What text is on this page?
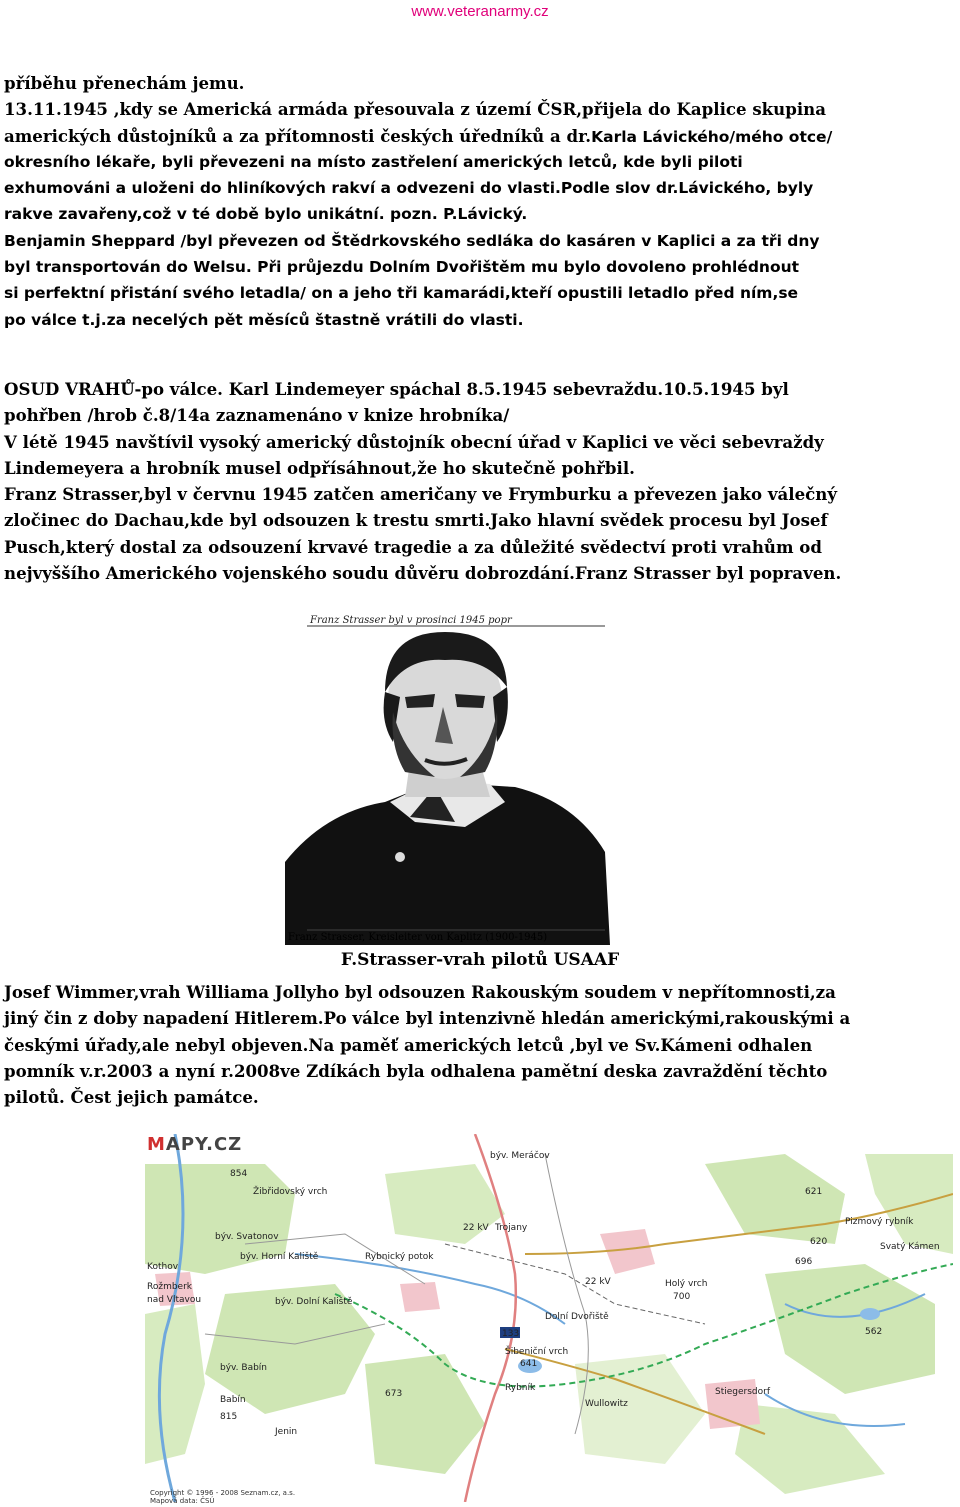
www.veteranarmy.cz
příběhu přenechám jemu.
13.11.1945 ,kdy se Americká armáda přesouvala z území ČSR,přijela do Kaplice skupina
amerických důstojníků a za přítomnosti českých úředníků a dr.Karla Lávického/mého otce/
okresního lékaře, byli převezeni na místo zastřelení amerických letců, kde byli piloti
exhumováni a uloženi do hliníkových rakví a odvezeni do vlasti.Podle slov dr.Lávického, byly
rakve zavařeny,což v té době bylo unikátní. pozn. P.Lávický.
Benjamin Sheppard /byl převezen od Štědrkovského sedláka do kasáren v Kaplici a za tři dny
byl transportován do Welsu. Při průjezdu Dolním Dvořištěm mu bylo dovoleno prohlédnout
si perfektní přistání svého letadla/ on a jeho tři kamarádi,kteří opustili letadlo před ním,se
po válce t.j.za necelých pět měsíců štastně vrátili do vlasti.
OSUD VRAHŮ-po válce. Karl Lindemeyer spáchal 8.5.1945 sebevraždu.10.5.1945 byl
pohřben /hrob č.8/14a zaznamenáno v knize hrobníka/
V létě 1945 navštívil vysoký americký důstojník obecní úřad v Kaplici ve věci sebevraždy
Lindemeyera a hrobník musel odpřísáhnout,že ho skutečně pohřbil.
Franz Strasser,byl v červnu 1945 zatčen američany ve Frymburku a převezen jako válečný
zločinec do Dachau,kde byl odsouzen k trestu smrti.Jako hlavní svědek procesu byl Josef
Pusch,který dostal za odsouzení krvavé tragedie a za důležité svědectví proti vrahům od
nejvyššího Amerického vojenského soudu důvěru dobrozdání.Franz Strasser byl popraven.
Franz Strasser byl v prosinci 1945 popr
Franz Strasser, Kreisleiter von Kaplitz (1900-1945)
F.Strasser-vrah pilotů USAAF
Josef Wimmer,vrah Williama Jollyho byl odsouzen Rakouským soudem v nepřítomnosti,za
jiný čin z doby napadení Hitlerem.Po válce byl intenzivně hledán americkými,rakouskými a
českými úřady,ale nebyl objeven.Na paměť amerických letců ,byl ve Sv.Kámeni odhalen
pomník v.r.2003 a nyní r.2008ve Zdíkách byla odhalena pamětní deska zavraždění těchto
pilotů. Čest jejich památce.
854
Žibřidovský vrch
býv. Svatonov
býv. Horní Kaliště	Rybnický potok
Kothov
Rožmberk
nad Vltavou	býv. Dolní Kaliště
býv. Babín
Babín
815
673
Jenin
býv. Meráčov
Trojany
22 kV
22 kV
Dolní Dvořiště
133
Šibeniční vrch
641
Rybník
Wullowitz
Stiegersdorf
Holý vrch
700
621
620	Svatý Kámen
Pizmový rybník
696
562
MAPY.CZ
Copyright © 1996 - 2008 Seznam.cz, a.s.
Mapová data: ČSÚ
